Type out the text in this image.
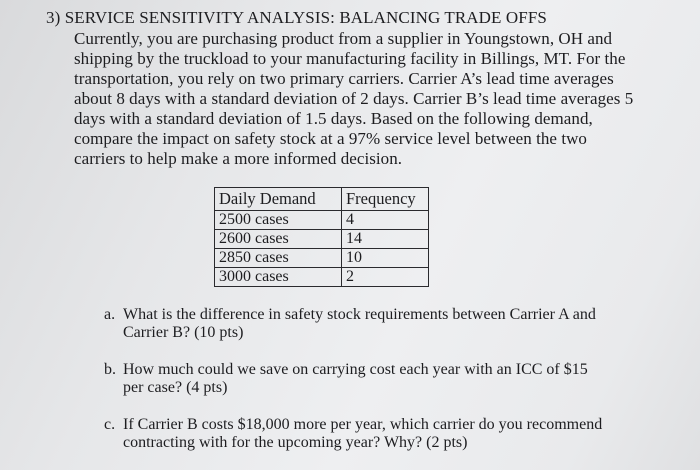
3) SERVICE SENSITIVITY ANALYSIS: BALANCING TRADE OFFS
Currently, you are purchasing product from a supplier in Youngstown, OH and
shipping by the truckload to your manufacturing facility in Billings, MT. For the
transportation, you rely on two primary carriers. Carrier A’s lead time averages
about 8 days with a standard deviation of 2 days. Carrier B’s lead time averages 5
days with a standard deviation of 1.5 days. Based on the following demand,
compare the impact on safety stock at a 97% service level between the two
carriers to help make a more informed decision.
Daily Demand	Frequency
2500 cases	4
2600 cases	14
2850 cases	10
3000 cases	2
a. What is the difference in safety stock requirements between Carrier A and
Carrier B? (10 pts)
b. How much could we save on carrying cost each year with an ICC of $15
per case? (4 pts)
c. If Carrier B costs $18,000 more per year, which carrier do you recommend
contracting with for the upcoming year? Why? (2 pts)
